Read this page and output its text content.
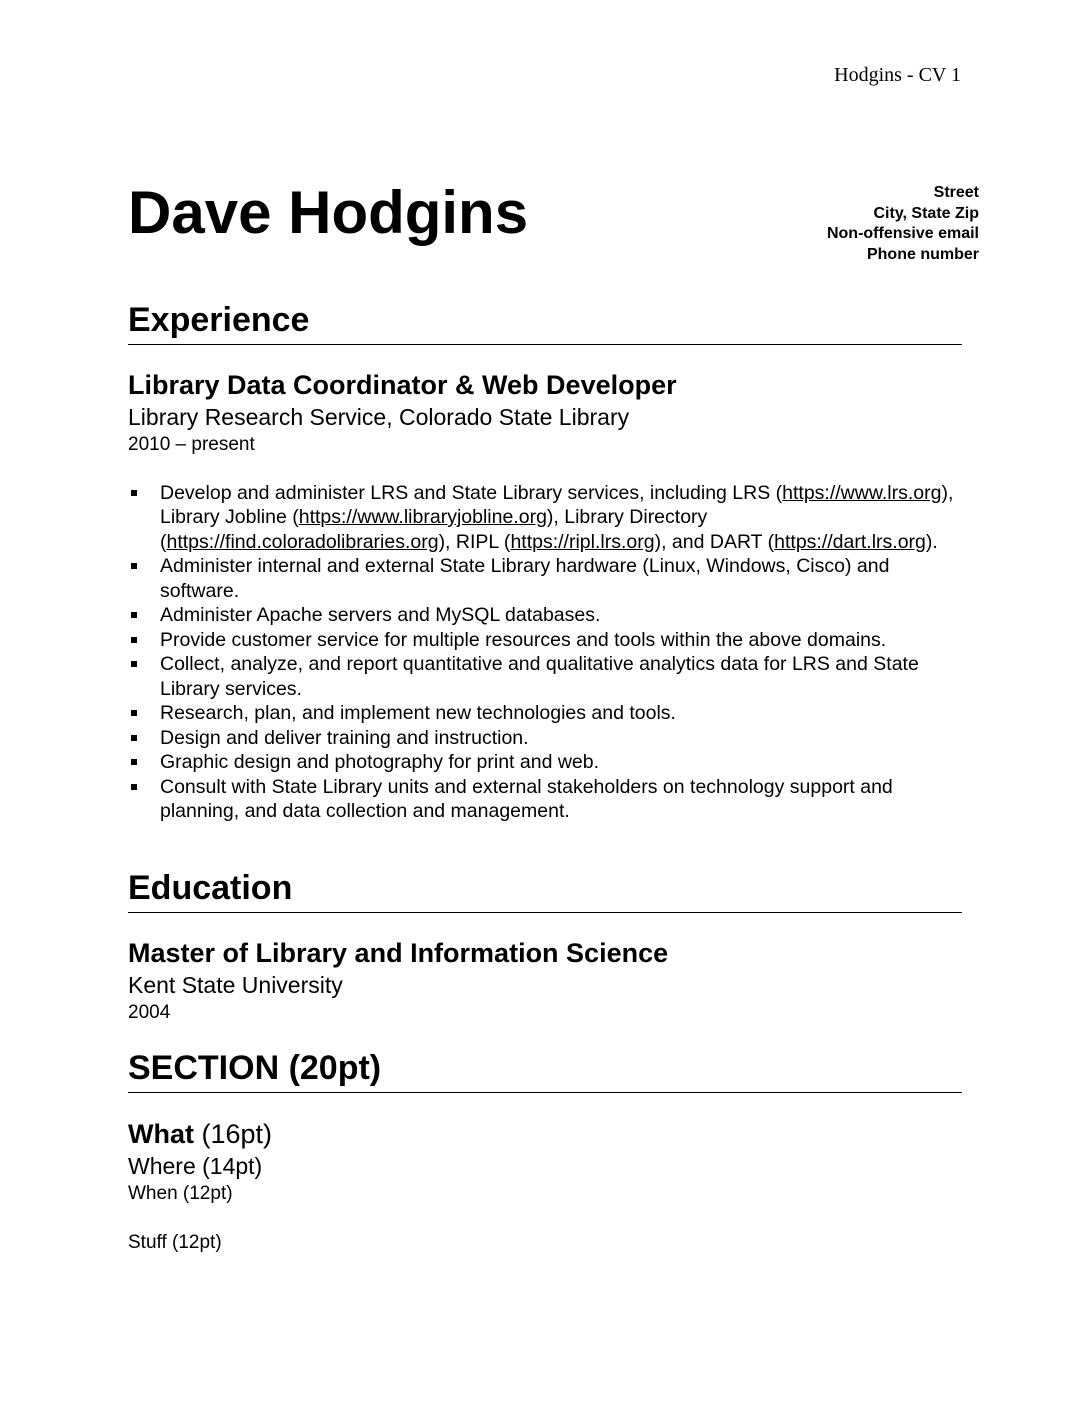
Hodgins - CV 1
Dave Hodgins	Street
City, State Zip
Non-offensive email
Phone number
Experience
Library Data Coordinator & Web Developer
Library Research Service, Colorado State Library
2010 – present
Develop and administer LRS and State Library services, including LRS (https://www.lrs.org), Library Jobline (https://www.libraryjobline.org), Library Directory (https://find.coloradolibraries.org), RIPL (https://ripl.lrs.org), and DART (https://dart.lrs.org).
Administer internal and external State Library hardware (Linux, Windows, Cisco) and software.
Administer Apache servers and MySQL databases.
Provide customer service for multiple resources and tools within the above domains.
Collect, analyze, and report quantitative and qualitative analytics data for LRS and State Library services.
Research, plan, and implement new technologies and tools.
Design and deliver training and instruction.
Graphic design and photography for print and web.
Consult with State Library units and external stakeholders on technology support and planning, and data collection and management.
Education
Master of Library and Information Science
Kent State University
2004
SECTION (20pt)
What (16pt)
Where (14pt)
When (12pt)
Stuff (12pt)
